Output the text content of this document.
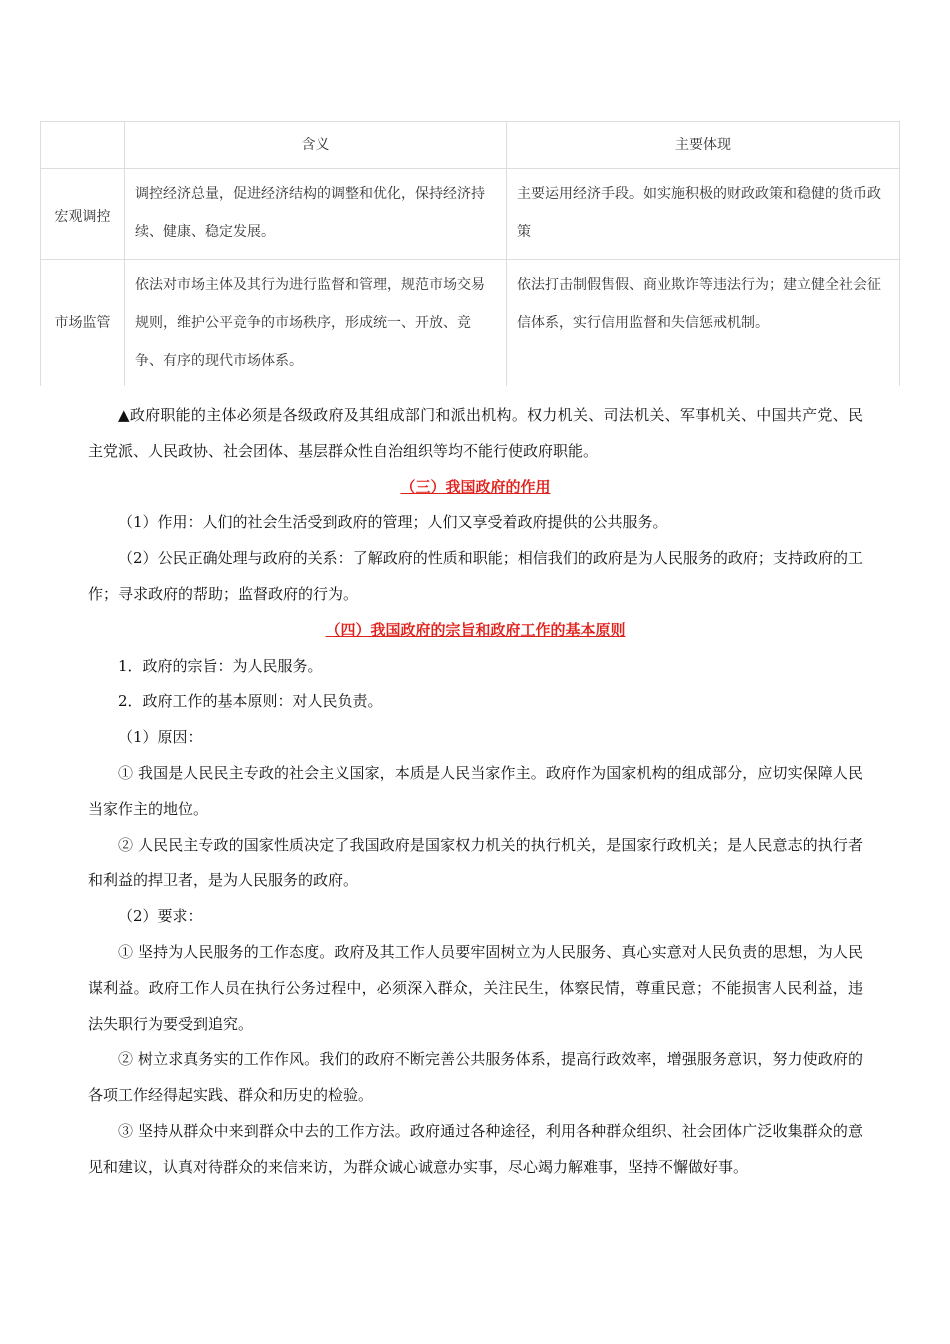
	含义	主要体现
宏观调控	调控经济总量，促进经济结构的调整和优化，保持经济持续、健康、稳定发展。	主要运用经济手段。如实施积极的财政政策和稳健的货币政策
市场监管	依法对市场主体及其行为进行监督和管理，规范市场交易规则，维护公平竞争的市场秩序，形成统一、开放、竞争、有序的现代市场体系。	依法打击制假售假、商业欺诈等违法行为；建立健全社会征信体系，实行信用监督和失信惩戒机制。

▲政府职能的主体必须是各级政府及其组成部门和派出机构。权力机关、司法机关、军事机关、中国共产党、民主党派、人民政协、社会团体、基层群众性自治组织等均不能行使政府职能。

（三）我国政府的作用

（1）作用：人们的社会生活受到政府的管理；人们又享受着政府提供的公共服务。

（2）公民正确处理与政府的关系：了解政府的性质和职能；相信我们的政府是为人民服务的政府；支持政府的工作；寻求政府的帮助；监督政府的行为。

（四）我国政府的宗旨和政府工作的基本原则

1．政府的宗旨：为人民服务。

2．政府工作的基本原则：对人民负责。

（1）原因：

① 我国是人民民主专政的社会主义国家，本质是人民当家作主。政府作为国家机构的组成部分，应切实保障人民当家作主的地位。

② 人民民主专政的国家性质决定了我国政府是国家权力机关的执行机关，是国家行政机关；是人民意志的执行者和利益的捍卫者，是为人民服务的政府。

（2）要求：

① 坚持为人民服务的工作态度。政府及其工作人员要牢固树立为人民服务、真心实意对人民负责的思想，为人民谋利益。政府工作人员在执行公务过程中，必须深入群众，关注民生，体察民情，尊重民意；不能损害人民利益，违法失职行为要受到追究。

② 树立求真务实的工作作风。我们的政府不断完善公共服务体系，提高行政效率，增强服务意识，努力使政府的各项工作经得起实践、群众和历史的检验。

③ 坚持从群众中来到群众中去的工作方法。政府通过各种途径，利用各种群众组织、社会团体广泛收集群众的意见和建议，认真对待群众的来信来访，为群众诚心诚意办实事，尽心竭力解难事，坚持不懈做好事。
